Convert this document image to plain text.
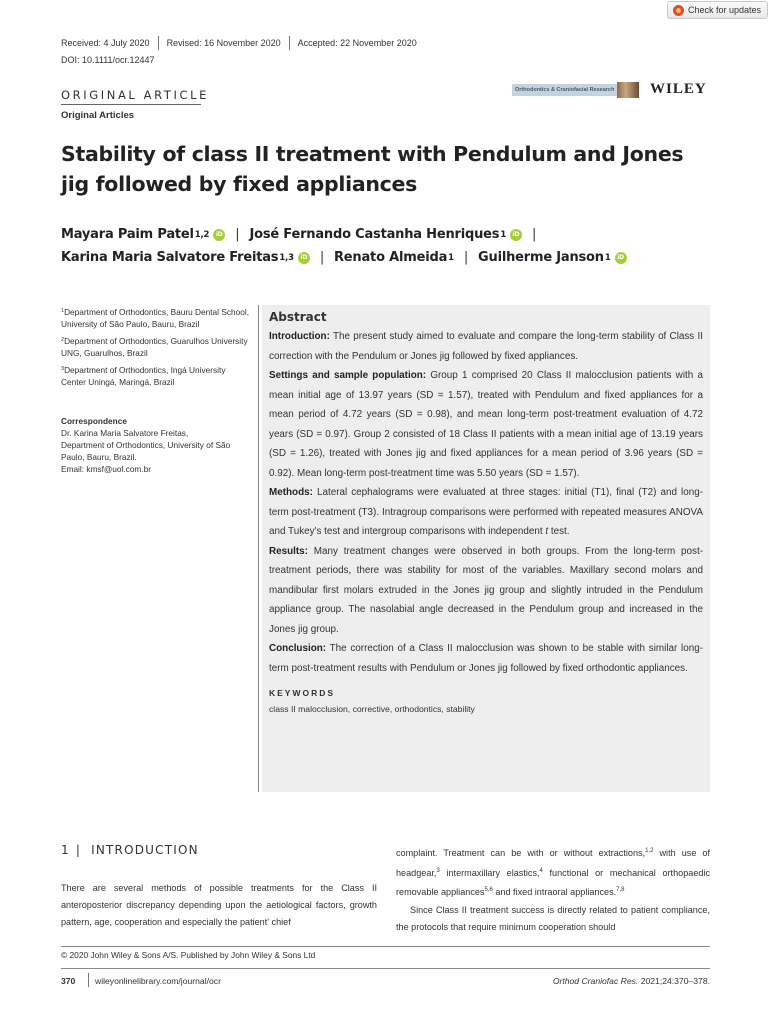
Check for updates
Received: 4 July 2020 Revised: 16 November 2020 Accepted: 22 November 2020
DOI: 10.1111/ocr.12447
ORIGINAL ARTICLE
Original Articles
Orthodontics & Craniofacial Research WILEY
Stability of class II treatment with Pendulum and Jones jig followed by fixed appliances
Mayara Paim Patel 1,2	iD | José Fernando Castanha Henriques 1	iD |
Karina Maria Salvatore Freitas 1,3	iD | Renato Almeida 1 | Guilherme Janson 1	iD
$^1$Department of Orthodontics, Bauru Dental School, University of São Paulo, Bauru, Brazil
$^2$Department of Orthodontics, Guarulhos University UNG, Guarulhos, Brazil
$^3$Department of Orthodontics, Ingá University Center Uningá, Maringá, Brazil
Correspondence
Dr. Karina Maria Salvatore Freitas,
Department of Orthodontics, University of São Paulo, Bauru, Brazil.
Email: kmsf@uol.com.br
Abstract

Introduction: The present study aimed to evaluate and compare the long-term stability of Class II correction with the Pendulum or Jones jig followed by fixed appliances.

Settings and sample population: Group 1 comprised 20 Class II malocclusion patients with a mean initial age of 13.97 years (SD = 1.57), treated with Pendulum and fixed appliances for a mean period of 4.72 years (SD = 0.98), and mean long-term post-treatment evaluation of 4.72 years (SD = 0.97). Group 2 consisted of 18 Class II patients with a mean initial age of 13.19 years (SD = 1.26), treated with Jones jig and fixed appliances for a mean period of 3.96 years (SD = 0.92). Mean long-term post-treatment time was 5.50 years (SD = 1.57).

Methods: Lateral cephalograms were evaluated at three stages: initial (T1), final (T2) and long-term post-treatment (T3). Intragroup comparisons were performed with repeated measures ANOVA and Tukey's test and intergroup comparisons with independent t test.

Results: Many treatment changes were observed in both groups. From the long-term post-treatment periods, there was stability for most of the variables. Maxillary second molars and mandibular first molars extruded in the Jones jig group and slightly intruded in the Pendulum appliance group. The nasolabial angle decreased in the Pendulum group and increased in the Jones jig group.

Conclusion: The correction of a Class II malocclusion was shown to be stable with similar long-term post-treatment results with Pendulum or Jones jig followed by fixed orthodontic appliances.

KEYWORDS
class II malocclusion, corrective, orthodontics, stability
1 | INTRODUCTION

There are several methods of possible treatments for the Class II anteroposterior discrepancy depending upon the aetiological factors, growth pattern, age, cooperation and especially the patient' chief

complaint. Treatment can be with or without extractions,$^{1,2}$ with use of headgear,$^3$ intermaxillary elastics,$^4$ functional or mechanical orthopaedic removable appliances$^{5,6}$ and fixed intraoral appliances.$^{7,8}$

Since Class II treatment success is directly related to patient compliance, the protocols that require minimum cooperation should

© 2020 John Wiley & Sons A/S. Published by John Wiley & Sons Ltd
370 wileyonlinelibrary.com/journal/ocr	Orthod Craniofac Res. 2021;24:370–378.
